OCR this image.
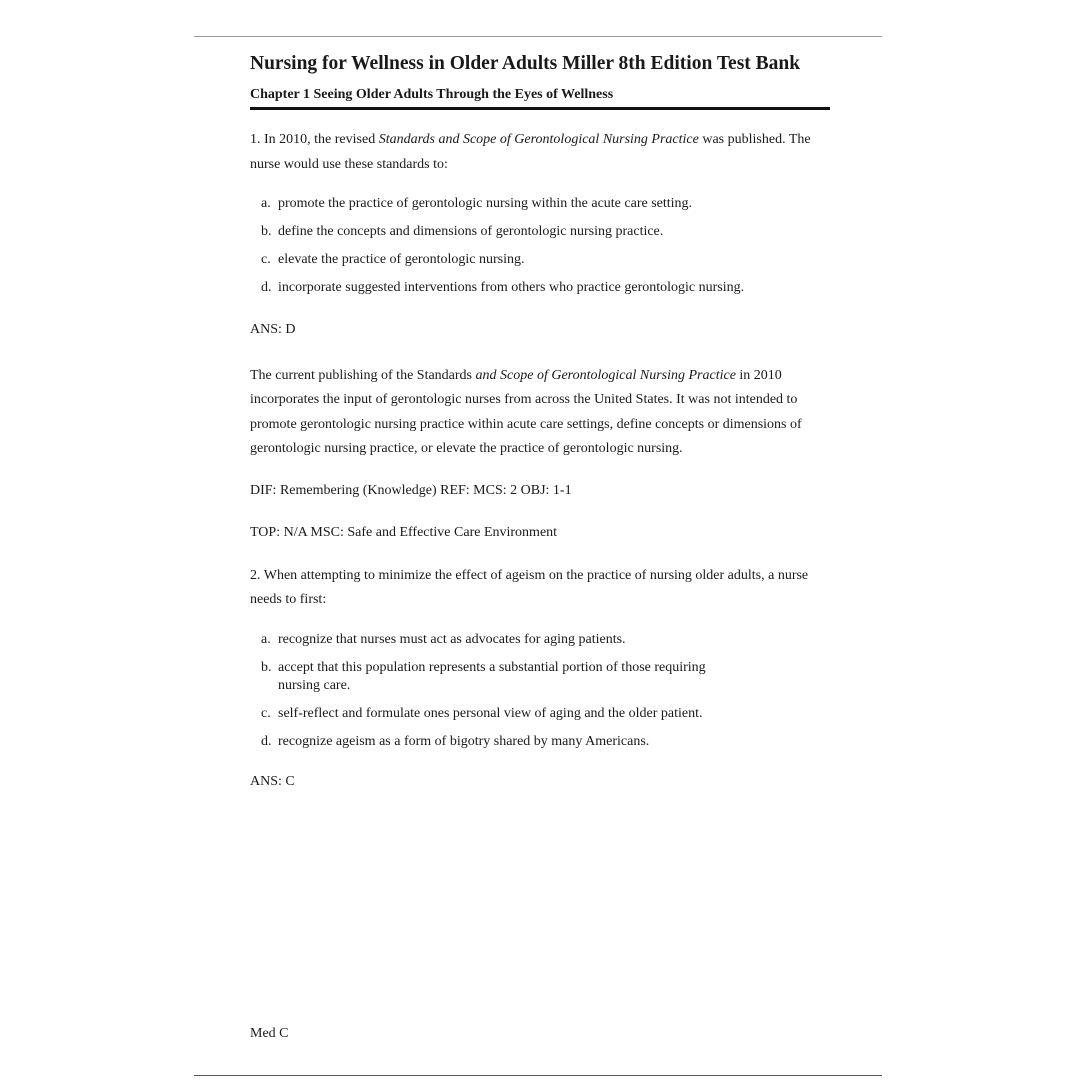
Nursing for Wellness in Older Adults Miller 8th Edition Test Bank
Chapter 1 Seeing Older Adults Through the Eyes of Wellness

1. In 2010, the revised Standards and Scope of Gerontological Nursing Practice was published. The nurse would use these standards to:

a. promote the practice of gerontologic nursing within the acute care setting.
b. define the concepts and dimensions of gerontologic nursing practice.
c. elevate the practice of gerontologic nursing.
d. incorporate suggested interventions from others who practice gerontologic nursing.

ANS: D

The current publishing of the Standards and Scope of Gerontological Nursing Practice in 2010 incorporates the input of gerontologic nurses from across the United States. It was not intended to promote gerontologic nursing practice within acute care settings, define concepts or dimensions of gerontologic nursing practice, or elevate the practice of gerontologic nursing.

DIF: Remembering (Knowledge) REF: MCS: 2 OBJ: 1-1

TOP: N/A MSC: Safe and Effective Care Environment

2. When attempting to minimize the effect of ageism on the practice of nursing older adults, a nurse needs to first:

a. recognize that nurses must act as advocates for aging patients.
b. accept that this population represents a substantial portion of those requiring nursing care.
c. self-reflect and formulate ones personal view of aging and the older patient.
d. recognize ageism as a form of bigotry shared by many Americans.

ANS: C

Med C
